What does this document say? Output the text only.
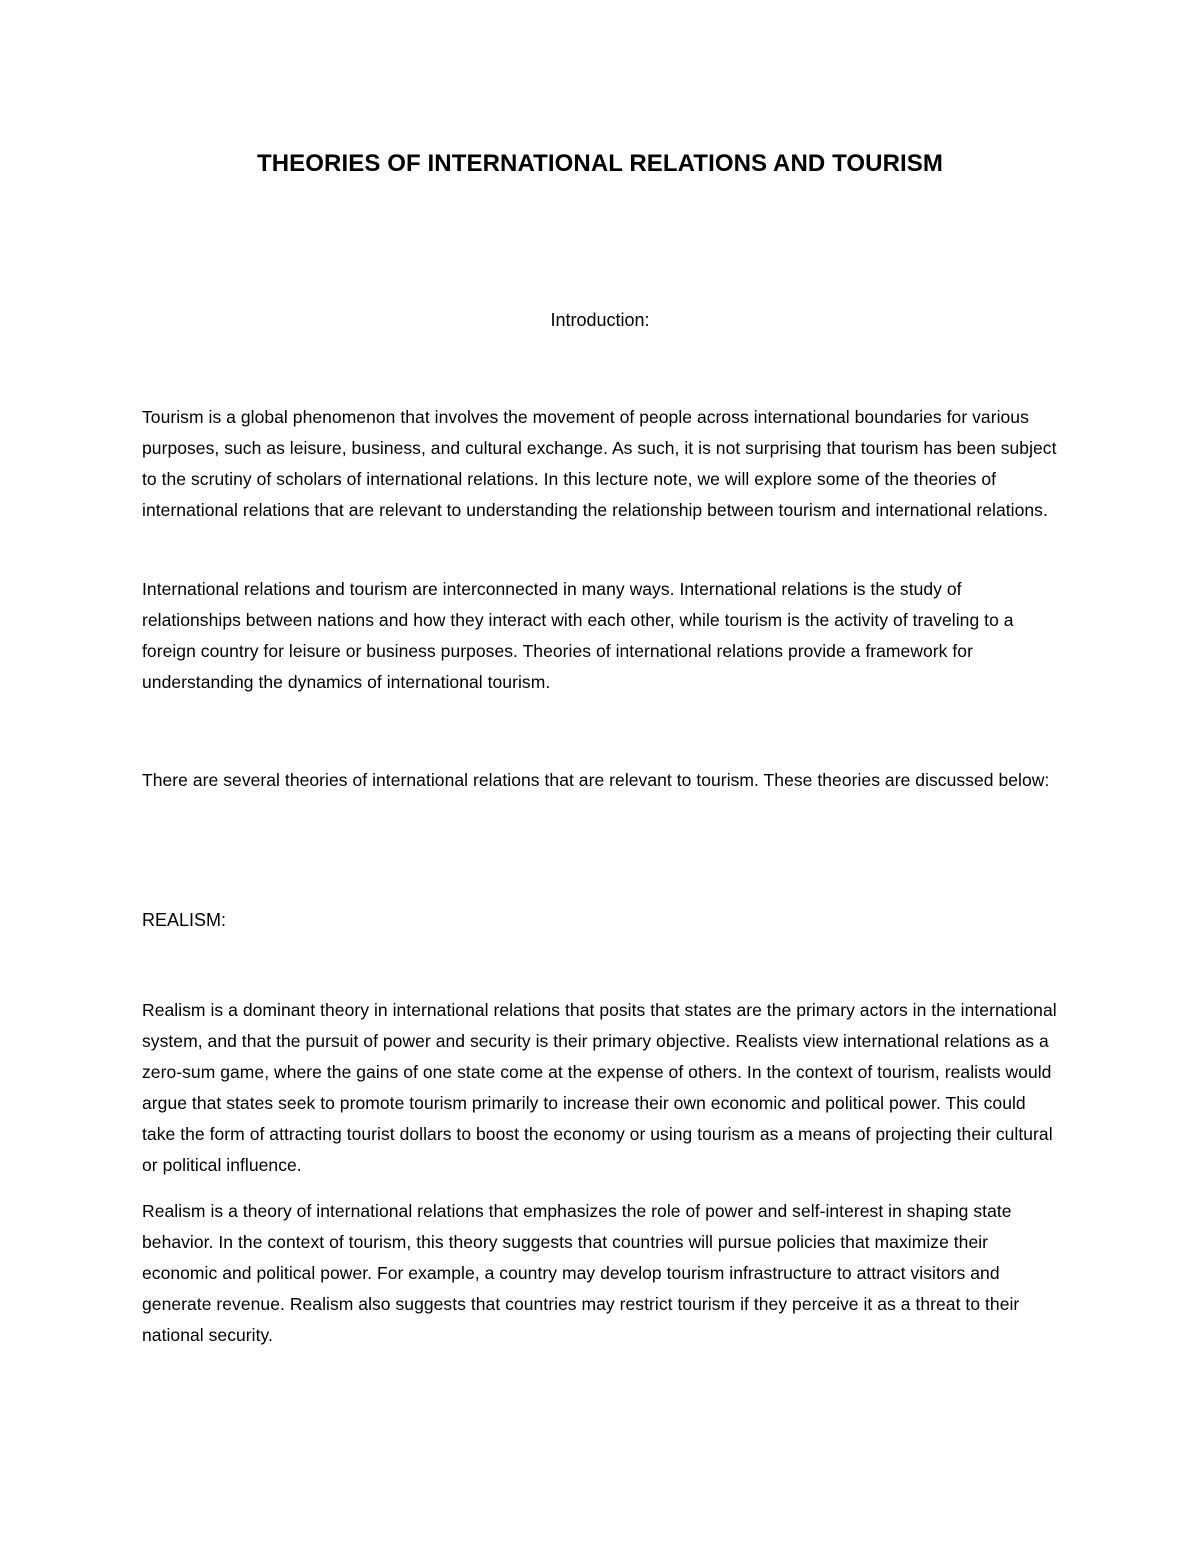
THEORIES OF INTERNATIONAL RELATIONS AND TOURISM
Introduction:

Tourism is a global phenomenon that involves the movement of people across international boundaries for various purposes, such as leisure, business, and cultural exchange. As such, it is not surprising that tourism has been subject to the scrutiny of scholars of international relations. In this lecture note, we will explore some of the theories of international relations that are relevant to understanding the relationship between tourism and international relations.

International relations and tourism are interconnected in many ways. International relations is the study of relationships between nations and how they interact with each other, while tourism is the activity of traveling to a foreign country for leisure or business purposes. Theories of international relations provide a framework for understanding the dynamics of international tourism.

There are several theories of international relations that are relevant to tourism. These theories are discussed below:

REALISM:

Realism is a dominant theory in international relations that posits that states are the primary actors in the international system, and that the pursuit of power and security is their primary objective. Realists view international relations as a zero-sum game, where the gains of one state come at the expense of others. In the context of tourism, realists would argue that states seek to promote tourism primarily to increase their own economic and political power. This could take the form of attracting tourist dollars to boost the economy or using tourism as a means of projecting their cultural or political influence.

Realism is a theory of international relations that emphasizes the role of power and self-interest in shaping state behavior. In the context of tourism, this theory suggests that countries will pursue policies that maximize their economic and political power. For example, a country may develop tourism infrastructure to attract visitors and generate revenue. Realism also suggests that countries may restrict tourism if they perceive it as a threat to their national security.
